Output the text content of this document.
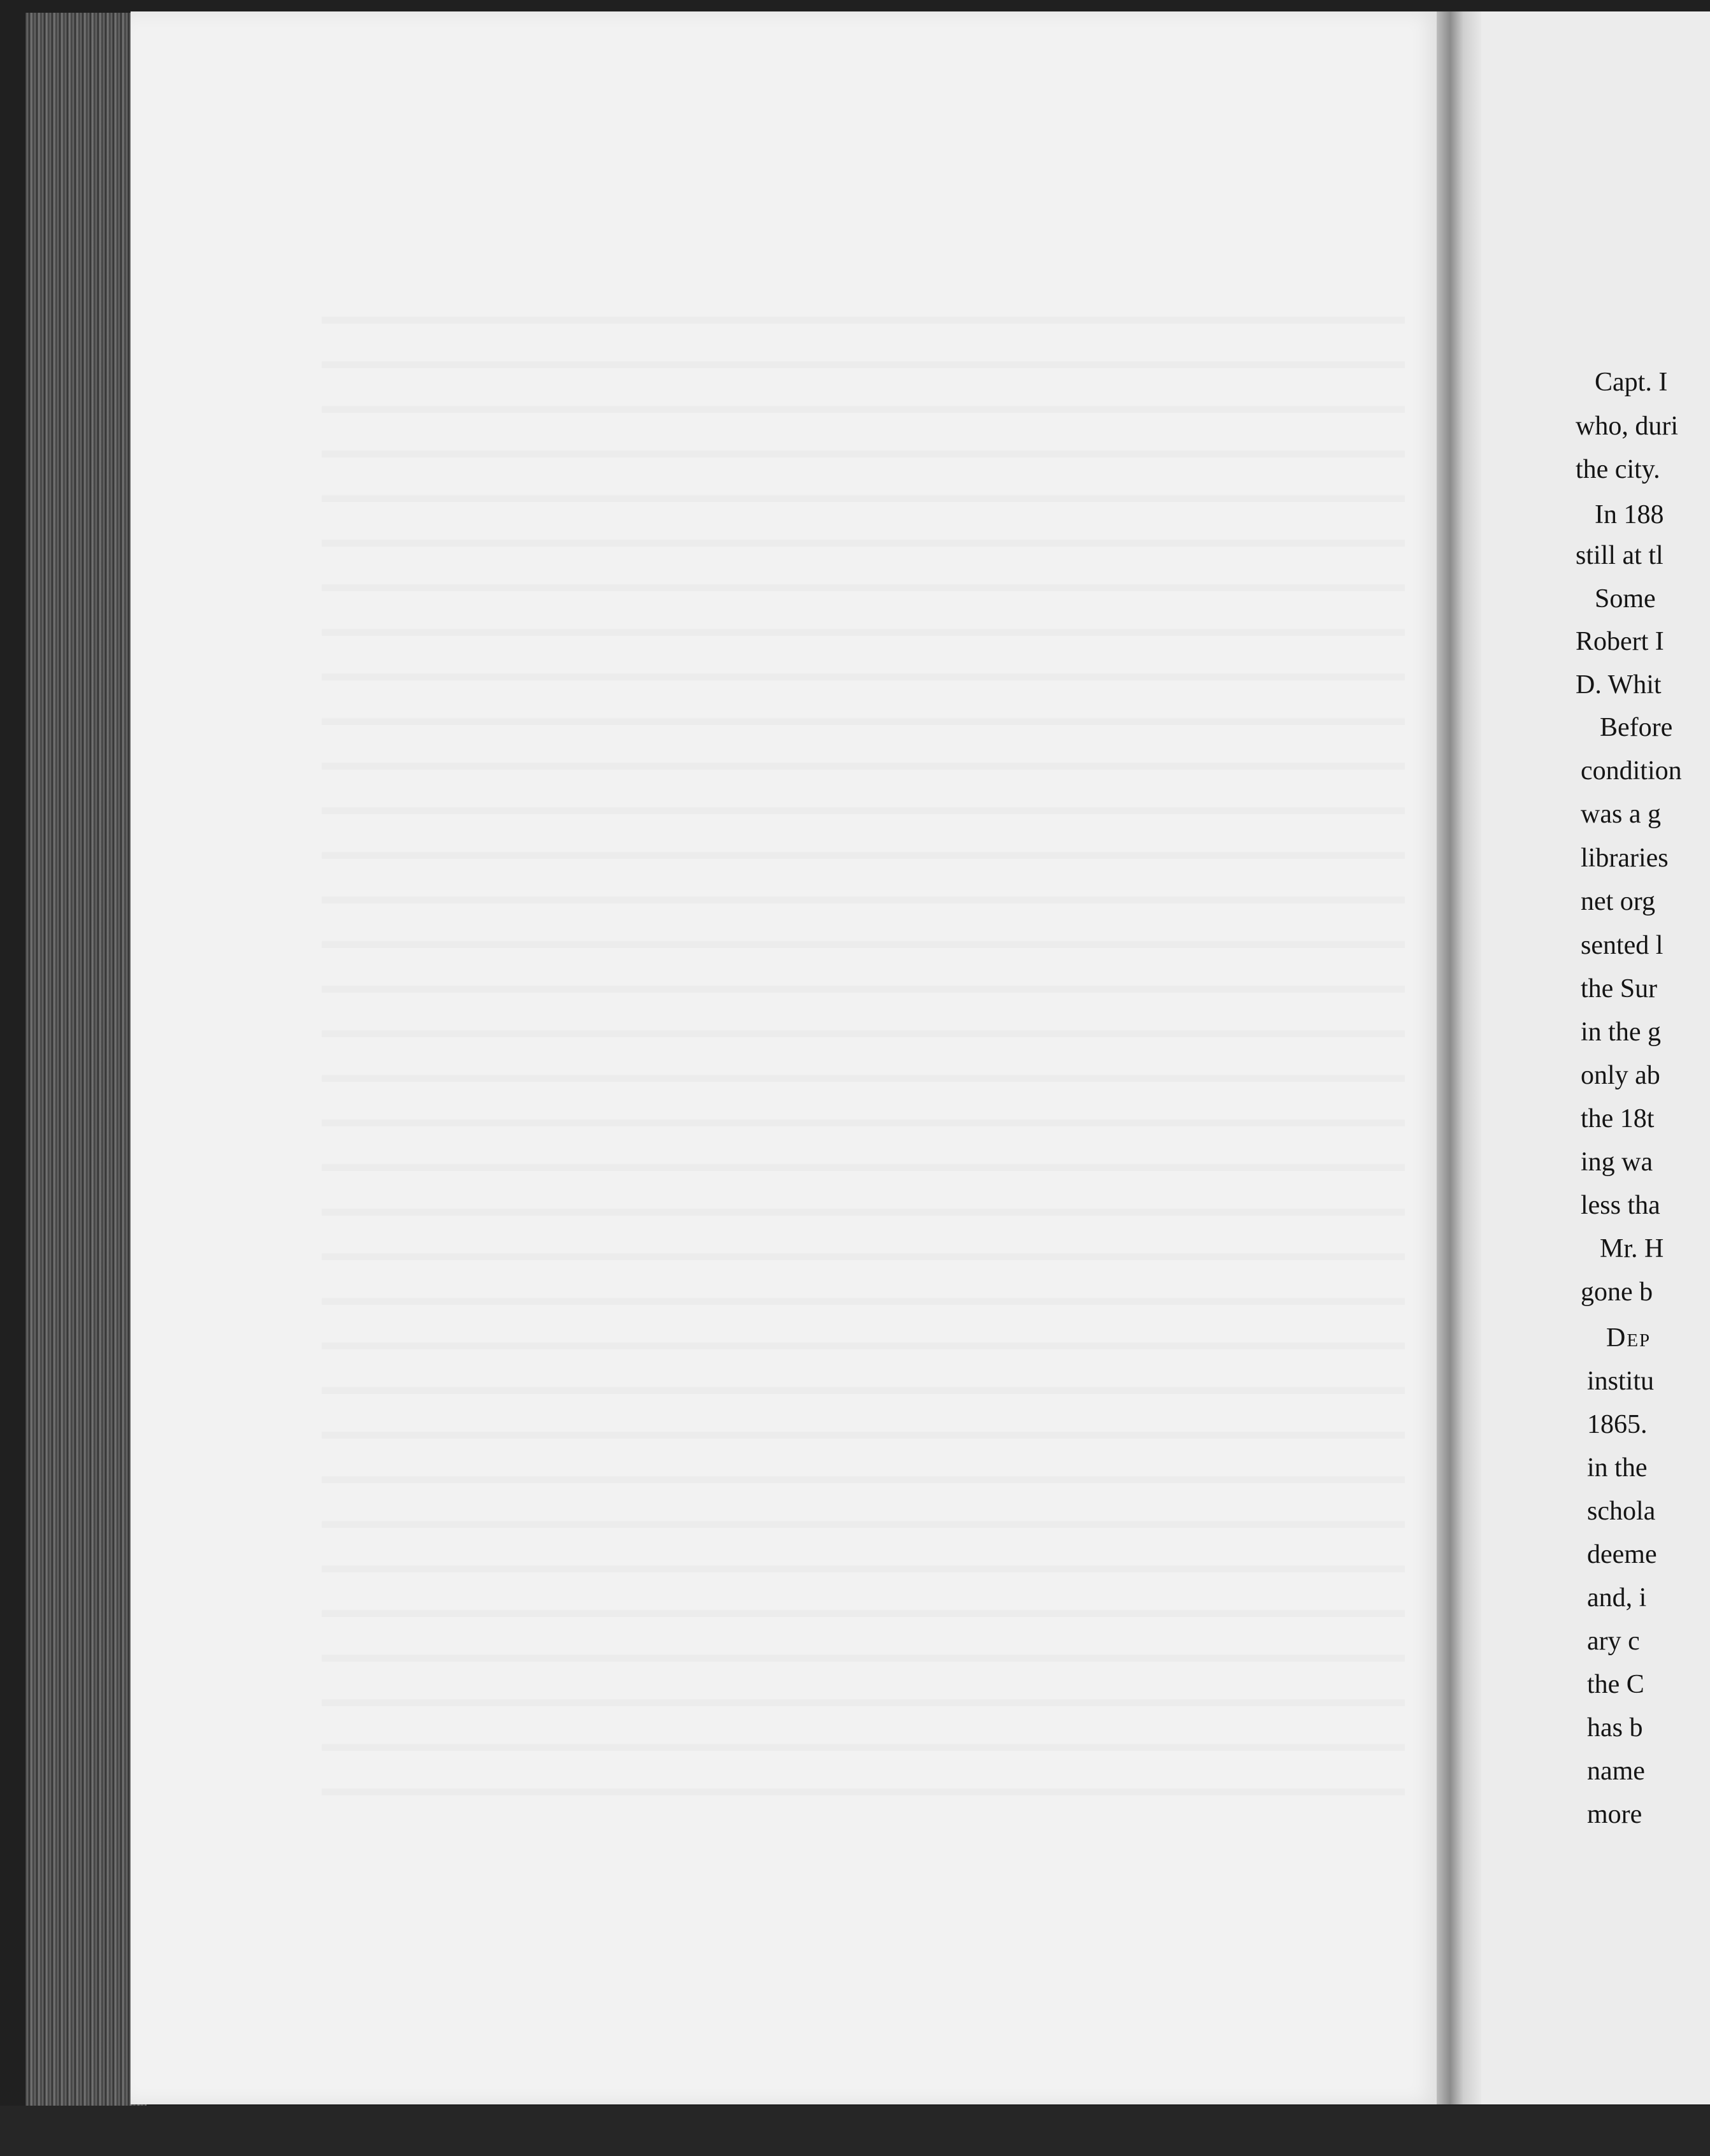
Capt. I
who, duri
the city.
In 188
still at tl
Some
Robert I
D. Whit
Before
condition
was a g
libraries
net org
sented l
the Sur
in the g
only ab
the 18t
ing wa
less tha
Mr. H
gone b
Dep
institu
1865.
in the
schola
deeme
and, i
ary c
the C
has b
name
more
